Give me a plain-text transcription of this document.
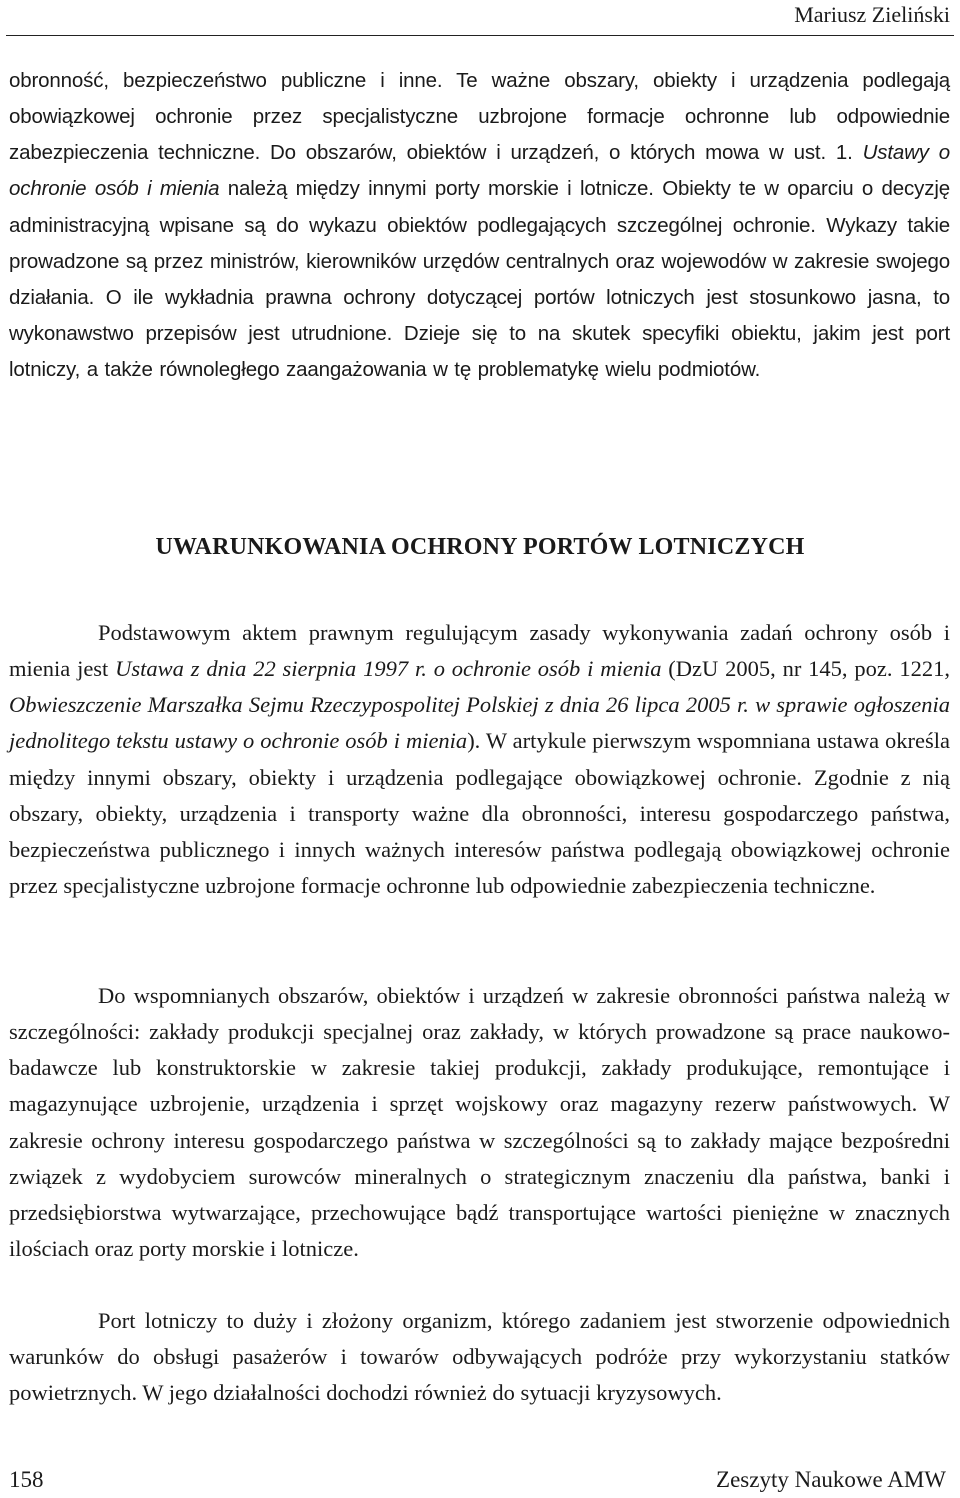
Mariusz Zieliński

obronność, bezpieczeństwo publiczne i inne. Te ważne obszary, obiekty i urządzenia podlegają obowiązkowej ochronie przez specjalistyczne uzbrojone formacje ochronne lub odpowiednie zabezpieczenia techniczne. Do obszarów, obiektów i urządzeń, o których mowa w ust. 1. Ustawy o ochronie osób i mienia należą między innymi porty morskie i lotnicze. Obiekty te w oparciu o decyzję administracyjną wpisane są do wykazu obiektów podlegających szczególnej ochronie. Wykazy takie prowadzone są przez ministrów, kierowników urzędów centralnych oraz wojewodów w zakresie swojego działania. O ile wykładnia prawna ochrony dotyczącej portów lotniczych jest stosunkowo jasna, to wykonawstwo przepisów jest utrudnione. Dzieje się to na skutek specyfiki obiektu, jakim jest port lotniczy, a także równoległego zaangażowania w tę problematykę wielu podmiotów.

UWARUNKOWANIA OCHRONY PORTÓW LOTNICZYCH

Podstawowym aktem prawnym regulującym zasady wykonywania zadań ochrony osób i mienia jest Ustawa z dnia 22 sierpnia 1997 r. o ochronie osób i mienia (DzU 2005, nr 145, poz. 1221, Obwieszczenie Marszałka Sejmu Rzeczypospolitej Polskiej z dnia 26 lipca 2005 r. w sprawie ogłoszenia jednolitego tekstu ustawy o ochronie osób i mienia). W artykule pierwszym wspomniana ustawa określa między innymi obszary, obiekty i urządzenia podlegające obowiązkowej ochronie. Zgodnie z nią obszary, obiekty, urządzenia i transporty ważne dla obronności, interesu gospodarczego państwa, bezpieczeństwa publicznego i innych ważnych interesów państwa podlegają obowiązkowej ochronie przez specjalistyczne uzbrojone formacje ochronne lub odpowiednie zabezpieczenia techniczne.

Do wspomnianych obszarów, obiektów i urządzeń w zakresie obronności państwa należą w szczególności: zakłady produkcji specjalnej oraz zakłady, w których prowadzone są prace naukowo-badawcze lub konstruktorskie w zakresie takiej produkcji, zakłady produkujące, remontujące i magazynujące uzbrojenie, urządzenia i sprzęt wojskowy oraz magazyny rezerw państwowych. W zakresie ochrony interesu gospodarczego państwa w szczególności są to zakłady mające bezpośredni związek z wydobyciem surowców mineralnych o strategicznym znaczeniu dla państwa, banki i przedsiębiorstwa wytwarzające, przechowujące bądź transportujące wartości pieniężne w znacznych ilościach oraz porty morskie i lotnicze.

Port lotniczy to duży i złożony organizm, którego zadaniem jest stworzenie odpowiednich warunków do obsługi pasażerów i towarów odbywających podróże przy wykorzystaniu statków powietrznych. W jego działalności dochodzi również do sytuacji kryzysowych.

158	Zeszyty Naukowe AMW
